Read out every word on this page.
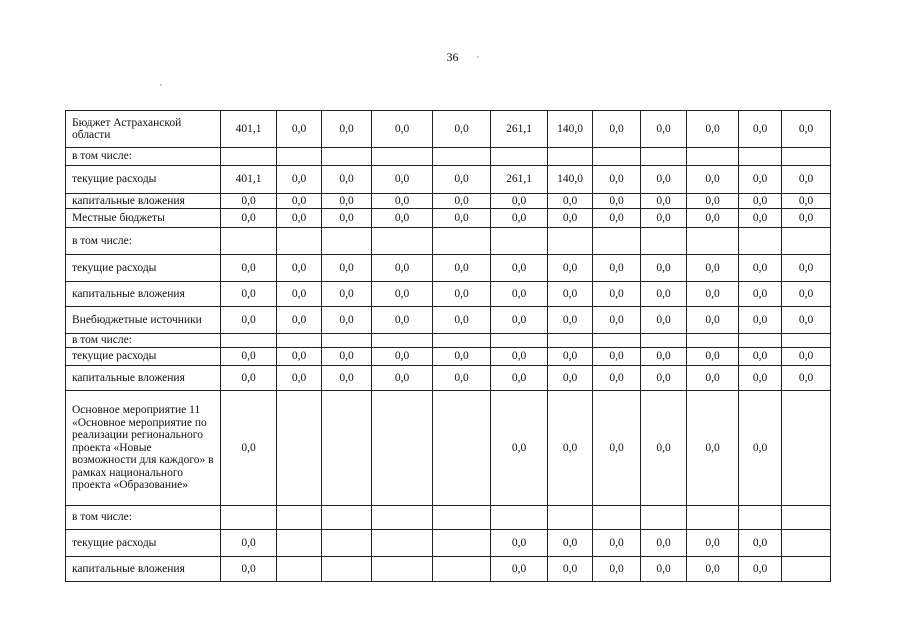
36
Бюджет Астраханской области	401,1	0,0	0,0	0,0	0,0	261,1	140,0	0,0	0,0	0,0	0,0	0,0
в том числе:												
текущие расходы	401,1	0,0	0,0	0,0	0,0	261,1	140,0	0,0	0,0	0,0	0,0	0,0
капитальные вложения	0,0	0,0	0,0	0,0	0,0	0,0	0,0	0,0	0,0	0,0	0,0	0,0
Местные бюджеты	0,0	0,0	0,0	0,0	0,0	0,0	0,0	0,0	0,0	0,0	0,0	0,0
в том числе:												
текущие расходы	0,0	0,0	0,0	0,0	0,0	0,0	0,0	0,0	0,0	0,0	0,0	0,0
капитальные вложения	0,0	0,0	0,0	0,0	0,0	0,0	0,0	0,0	0,0	0,0	0,0	0,0
Внебюджетные источники	0,0	0,0	0,0	0,0	0,0	0,0	0,0	0,0	0,0	0,0	0,0	0,0
в том числе:												
текущие расходы	0,0	0,0	0,0	0,0	0,0	0,0	0,0	0,0	0,0	0,0	0,0	0,0
капитальные вложения	0,0	0,0	0,0	0,0	0,0	0,0	0,0	0,0	0,0	0,0	0,0	0,0
Основное мероприятие 11 «Основное мероприятие по реализации регионального проекта «Новые возможности для каждого» в рамках национального проекта «Образование»	0,0					0,0	0,0	0,0	0,0	0,0	0,0	
в том числе:												
текущие расходы	0,0					0,0	0,0	0,0	0,0	0,0	0,0	
капитальные вложения	0,0					0,0	0,0	0,0	0,0	0,0	0,0	
